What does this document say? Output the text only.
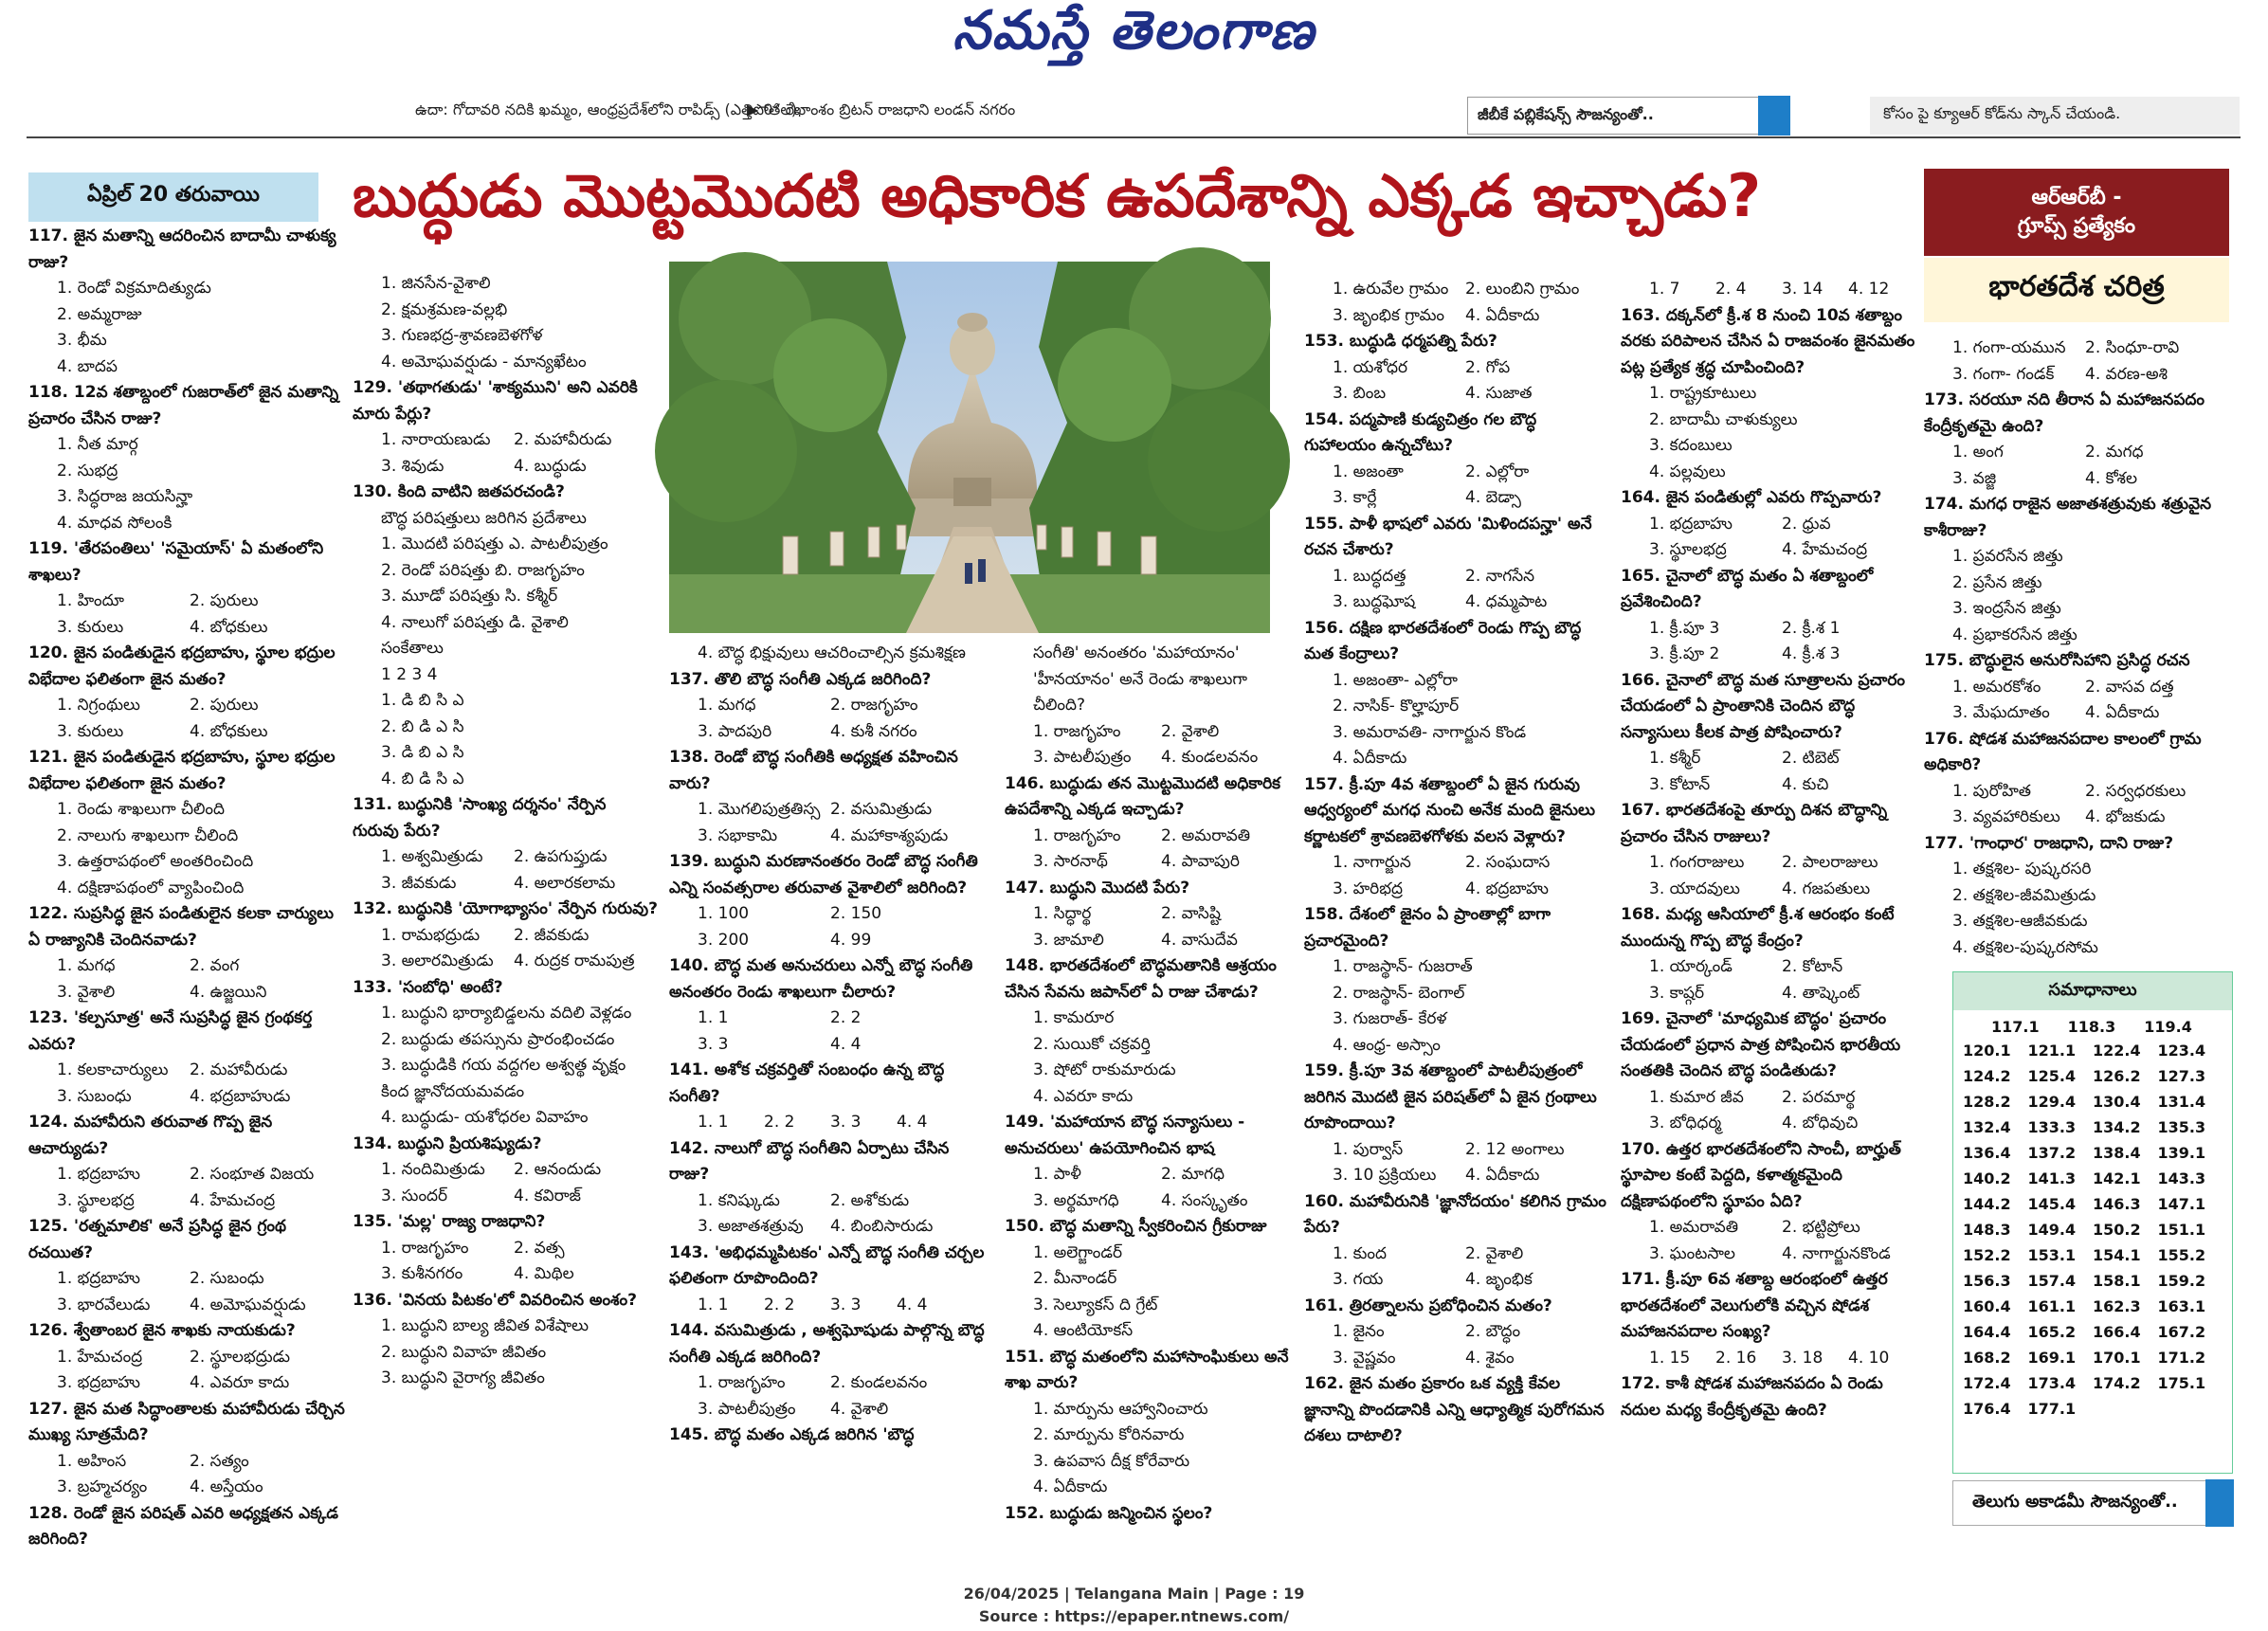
నమస్తే తెలంగాణ
ఉదా: గోదావరి నదికి ఖమ్మం, ఆంధ్రప్రదేశ్‌లోని రాపిడ్స్ (ఎత్తిపోతల)
▶ 0° రేఖాంశం బ్రిటన్ రాజధాని లండన్ నగరం	జీబీకే పబ్లికేషన్స్ సౌజన్యంతో..	కోసం పై క్యూఆర్ కోడ్‌ను స్కాన్ చేయండి.
ఏప్రిల్ 20 తరువాయి	బుద్ధుడు మొట్టమొదటి అధికారిక ఉపదేశాన్ని ఎక్కడ ఇచ్చాడు?	ఆర్ఆర్‌బీ -
గ్రూప్స్ ప్రత్యేకం
భారతదేశ చరిత్ర
117. జైన మతాన్ని ఆదరించిన బాదామీ చాళుక్య రాజు?
1. రెండో విక్రమాదిత్యుడు
2. అమ్మరాజు
3. భీమ
4. బాదప
118. 12వ శతాబ్దంలో గుజరాత్‌లో జైన మతాన్ని ప్రచారం చేసిన రాజు?
1. నీత మార్గ
2. సుభద్ర
3. సిద్ధరాజ జయసిన్హా
4. మాధవ సోలంకి
119. 'తేరపంతిలు' 'సమైయాస్' ఏ మతంలోని శాఖలు?
1. హిందూ	2. పురులు
3. కురులు	4. బోధకులు
120. జైన పండితుడైన భద్రబాహు, స్థూల భద్రుల విభేదాల ఫలితంగా జైన మతం?
1. నిగ్రంథులు	2. పురులు
3. కురులు	4. బోధకులు
121. జైన పండితుడైన భద్రబాహు, స్థూల భద్రుల విభేదాల ఫలితంగా జైన మతం?
1. రెండు శాఖలుగా చీలింది
2. నాలుగు శాఖలుగా చీలింది
3. ఉత్తరాపథంలో అంతరించింది
4. దక్షిణాపథంలో వ్యాపించింది
122. సుప్రసిద్ధ జైన పండితులైన కలకా చార్యులు ఏ రాజ్యానికి చెందినవాడు?
1. మగధ	2. వంగ
3. వైశాలి	4. ఉజ్జయిని
123. 'కల్పసూత్ర' అనే సుప్రసిద్ధ జైన గ్రంథకర్త ఎవరు?
1. కలకాచార్యులు	2. మహావీరుడు
3. సుబంధు	4. భద్రబాహుడు
124. మహావీరుని తరువాత గొప్ప జైన ఆచార్యుడు?
1. భద్రబాహు	2. సంభూత విజయ
3. స్థూలభద్ర	4. హేమచంద్ర
125. 'రత్నమాలిక' అనే ప్రసిద్ధ జైన గ్రంథ రచయిత?
1. భద్రబాహు	2. సుబంధు
3. భారవేలుడు	4. అమోఘవర్షుడు
126. శ్వేతాంబర జైన శాఖకు నాయకుడు?
1. హేమచంద్ర	2. స్థూలభద్రుడు
3. భద్రబాహు	4. ఎవరూ కాదు
127. జైన మత సిద్ధాంతాలకు మహావీరుడు చేర్చిన ముఖ్య సూత్రమేది?
1. అహింస	2. సత్యం
3. బ్రహ్మచర్యం	4. అస్తేయం
128. రెండో జైన పరిషత్ ఎవరి అధ్యక్షతన ఎక్కడ జరిగింది?
1. జినసేన-వైశాలి
2. క్షమశ్రమణ-వల్లభి
3. గుణభద్ర-శ్రావణబెళగోళ
4. అమోఘవర్షుడు - మాన్యఖేటం
129. 'తథాగతుడు' 'శాక్యముని' అని ఎవరికి మారు పేర్లు?
1. నారాయణుడు	2. మహావీరుడు
3. శివుడు	4. బుద్ధుడు
130. కింది వాటిని జతపరచండి?
బౌద్ధ పరిషత్తులు జరిగిన ప్రదేశాలు
1. మొదటి పరిషత్తు ఎ. పాటలీపుత్రం
2. రెండో పరిషత్తు బి. రాజగృహం
3. మూడో పరిషత్తు సి. కశ్మీర్
4. నాలుగో పరిషత్తు డి. వైశాలి
సంకేతాలు
1 2 3 4
1. డి బి సి ఎ
2. బి డి ఎ సి
3. డి బి ఎ సి
4. బి డి సి ఎ
131. బుద్ధునికి 'సాంఖ్య దర్శనం' నేర్పిన గురువు పేరు?
1. అశ్వమిత్రుడు	2. ఉపగుప్తుడు
3. జీవకుడు	4. అలారకలామ
132. బుద్ధునికి 'యోగాభ్యాసం' నేర్పిన గురువు?
1. రామభద్రుడు	2. జీవకుడు
3. అలారమిత్రుడు	4. రుద్రక రామపుత్ర
133. 'సంబోధి' అంటే?
1. బుద్ధుని భార్యాబిడ్డలను వదిలి వెళ్లడం
2. బుద్ధుడు తపస్సును ప్రారంభించడం
3. బుద్ధుడికి గయ వద్దగల అశ్వత్థ వృక్షం కింద జ్ఞానోదయమవడం
4. బుద్ధుడు- యశోధరల వివాహం
134. బుద్ధుని ప్రియశిష్యుడు?
1. నందిమిత్రుడు	2. ఆనందుడు
3. సుందర్	4. కవిరాజ్
135. 'మల్ల' రాజ్య రాజధాని?
1. రాజగృహం	2. వత్స
3. కుశీనగరం	4. మిథిల
136. 'వినయ పిటకం'లో వివరించిన అంశం?
1. బుద్ధుని బాల్య జీవిత విశేషాలు
2. బుద్ధుని వివాహ జీవితం
3. బుద్ధుని వైరాగ్య జీవితం
4. బౌద్ధ భిక్షువులు ఆచరించాల్సిన క్రమశిక్షణ
137. తొలి బౌద్ధ సంగీతి ఎక్కడ జరిగింది?
1. మగధ	2. రాజగృహం
3. పాదపురి	4. కుశీ నగరం
138. రెండో బౌద్ధ సంగీతికి అధ్యక్షత వహించిన వారు?
1. మొగలిపుత్రతిస్స 2. వసుమిత్రుడు
3. సభాకామి	4. మహాకాశ్యపుడు
139. బుద్ధుని మరణానంతరం రెండో బౌద్ధ సంగీతి ఎన్ని సంవత్సరాల తరువాత వైశాలిలో జరిగింది?
1. 100	2. 150
3. 200	4. 99
140. బౌద్ధ మత అనుచరులు ఎన్నో బౌద్ధ సంగీతి అనంతరం రెండు శాఖలుగా చీలారు?
1. 1	2. 2
3. 3	4. 4
141. అశోక చక్రవర్తితో సంబంధం ఉన్న బౌద్ధ సంగీతి?
1. 1	2. 2	3. 3	4. 4
142. నాలుగో బౌద్ధ సంగీతిని ఏర్పాటు చేసిన రాజు?
1. కనిష్కుడు	2. అశోకుడు
3. అజాతశత్రువు	4. బింబిసారుడు
143. 'అభిధమ్మపిటకం' ఎన్నో బౌద్ధ సంగీతి చర్చల ఫలితంగా రూపొందింది?
1. 1	2. 2	3. 3	4. 4
144. వసుమిత్రుడు , అశ్వఘోషుడు పాల్గొన్న బౌద్ధ సంగీతి ఎక్కడ జరిగింది?
1. రాజగృహం	2. కుండలవనం
3. పాటలీపుత్రం	4. వైశాలి
145. బౌద్ధ మతం ఎక్కడ జరిగిన 'బౌద్ధ
సంగీతి' అనంతరం 'మహాయానం' 'హీనయానం' అనే రెండు శాఖలుగా చీలింది?
1. రాజగృహం	2. వైశాలి
3. పాటలీపుత్రం	4. కుండలవనం
146. బుద్ధుడు తన మొట్టమొదటి అధికారిక ఉపదేశాన్ని ఎక్కడ ఇచ్చాడు?
1. రాజగృహం	2. అమరావతి
3. సారనాథ్	4. పావాపురి
147. బుద్ధుని మొదటి పేరు?
1. సిద్ధార్థ	2. వాసిష్టి
3. జామాలి	4. వాసుదేవ
148. భారతదేశంలో బౌద్ధమతానికి ఆశ్రయం చేసిన సేవను జపాన్‌లో ఏ రాజు చేశాడు?
1. కామరూర
2. సుయికో చక్రవర్తి
3. షోటో రాకుమారుడు
4. ఎవరూ కాదు
149. 'మహాయాన బౌద్ధ సన్యాసులు - అనుచరులు' ఉపయోగించిన భాష
1. పాళీ	2. మాగధి
3. అర్థమాగధి	4. సంస్కృతం
150. బౌద్ధ మతాన్ని స్వీకరించిన గ్రీకురాజు
1. అలెగ్జాండర్
2. మీనాండర్
3. సెల్యూకస్ ది గ్రేట్
4. ఆంటియోకస్
151. బౌద్ధ మతంలోని మహాసాంఘికులు అనే శాఖ వారు?
1. మార్పును ఆహ్వానించారు
2. మార్పును కోరినవారు
3. ఉపవాస దీక్ష కోరేవారు
4. ఏదీకాదు
152. బుద్ధుడు జన్మించిన స్థలం?
1. ఉరువేల గ్రామం	2. లుంబిని గ్రామం
3. జృంభిక గ్రామం	4. ఏదీకాదు
153. బుద్ధుడి ధర్మపత్ని పేరు?
1. యశోధర	2. గోప
3. బింబ	4. సుజాత
154. పద్మపాణి కుడ్యచిత్రం గల బౌద్ధ గుహాలయం ఉన్నచోటు?
1. అజంతా	2. ఎల్లోరా
3. కార్లే	4. బెడ్సా
155. పాళీ భాషలో ఎవరు 'మిళిందపన్హా' అనే రచన చేశారు?
1. బుద్ధదత్త	2. నాగసేన
3. బుద్ధఘోష	4. ధమ్మపాట
156. దక్షిణ భారతదేశంలో రెండు గొప్ప బౌద్ధ మత కేంద్రాలు?
1. అజంతా- ఎల్లోరా
2. నాసిక్- కొల్హాపూర్
3. అమరావతి- నాగార్జున కొండ
4. ఏదీకాదు
157. క్రీ.పూ 4వ శతాబ్దంలో ఏ జైన గురువు ఆధ్వర్యంలో మగధ నుంచి అనేక మంది జైనులు కర్ణాటకలో శ్రావణబెళగోళకు వలస వెళ్లారు?
1. నాగార్జున	2. సంఘదాస
3. హరిభద్ర	4. భద్రబాహు
158. దేశంలో జైనం ఏ ప్రాంతాల్లో బాగా ప్రచారమైంది?
1. రాజస్థాన్- గుజరాత్
2. రాజస్థాన్- బెంగాల్
3. గుజరాత్- కేరళ
4. ఆంధ్ర- అస్సాం
159. క్రీ.పూ 3వ శతాబ్దంలో పాటలీపుత్రంలో జరిగిన మొదటి జైన పరిషత్‌లో ఏ జైన గ్రంథాలు రూపొందాయి?
1. పుర్వాస్	2. 12 అంగాలు
3. 10 ప్రక్రియలు	4. ఏదీకాదు
160. మహావీరునికి 'జ్ఞానోదయం' కలిగిన గ్రామం పేరు?
1. కుంద	2. వైశాలి
3. గయ	4. జృంభిక
161. త్రిరత్నాలను ప్రబోధించిన మతం?
1. జైనం	2. బౌద్ధం
3. వైష్ణవం	4. శైవం
162. జైన మతం ప్రకారం ఒక వ్యక్తి కేవల జ్ఞానాన్ని పొందడానికి ఎన్ని ఆధ్యాత్మిక పురోగమన దశలు దాటాలి?
1. 7	2. 4	3. 14	4. 12
163. దక్కన్‌లో క్రీ.శ 8 నుంచి 10వ శతాబ్దం వరకు పరిపాలన చేసిన ఏ రాజవంశం జైనమతం పట్ల ప్రత్యేక శ్రద్ధ చూపించింది?
1. రాష్ట్రకూటులు
2. బాదామీ చాళుక్యులు
3. కదంబులు
4. పల్లవులు
164. జైన పండితుల్లో ఎవరు గొప్పవారు?
1. భద్రబాహు	2. ధ్రువ
3. స్థూలభద్ర	4. హేమచంద్ర
165. చైనాలో బౌద్ధ మతం ఏ శతాబ్దంలో ప్రవేశించింది?
1. క్రీ.పూ 3	2. క్రీ.శ 1
3. క్రీ.పూ 2	4. క్రీ.శ 3
166. చైనాలో బౌద్ధ మత సూత్రాలను ప్రచారం చేయడంలో ఏ ప్రాంతానికి చెందిన బౌద్ధ సన్యాసులు కీలక పాత్ర పోషించారు?
1. కశ్మీర్	2. టిబెట్
3. కోటాన్	4. కుచి
167. భారతదేశంపై తూర్పు దిశన బౌద్ధాన్ని ప్రచారం చేసిన రాజులు?
1. గంగరాజులు	2. పాలరాజులు
3. యాదవులు	4. గజపతులు
168. మధ్య ఆసియాలో క్రీ.శ ఆరంభం కంటే ముందున్న గొప్ప బౌద్ధ కేంద్రం?
1. యార్కండ్	2. కోటాన్
3. కాష్గర్	4. తాష్కెంట్
169. చైనాలో 'మాధ్యమిక బౌద్ధం' ప్రచారం చేయడంలో ప్రధాన పాత్ర పోషించిన భారతీయ సంతతికి చెందిన బౌద్ధ పండితుడు?
1. కుమార జీవ	2. పరమార్థ
3. బోధిధర్మ	4. బోధివుచి
170. ఉత్తర భారతదేశంలోని సాంచీ, బార్హుత్ స్థూపాల కంటే పెద్దది, కళాత్మకమైంది దక్షిణాపథంలోని స్థూపం ఏది?
1. అమరావతి	2. భట్టిప్రోలు
3. ఘంటసాల	4. నాగార్జునకొండ
171. క్రీ.పూ 6వ శతాబ్ద ఆరంభంలో ఉత్తర భారతదేశంలో వెలుగులోకి వచ్చిన షోడశ మహాజనపదాల సంఖ్య?
1. 15	2. 16	3. 18	4. 10
172. కాశీ షోడశ మహాజనపదం ఏ రెండు నదుల మధ్య కేంద్రీకృతమై ఉంది?
1. గంగా-యమున	2. సింధూ-రావి
3. గంగా- గండక్	4. వరణ-అశి
173. సరయూ నది తీరాన ఏ మహాజనపదం కేంద్రీకృతమై ఉంది?
1. అంగ	2. మగధ
3. వజ్జి	4. కోశల
174. మగధ రాజైన అజాతశత్రువుకు శత్రువైన కాశీరాజు?
1. ప్రవరసేన జిత్తు
2. ప్రసేన జిత్తు
3. ఇంద్రసేన జిత్తు
4. ప్రభాకరసేన జిత్తు
175. బౌద్ధులైన అనురోసిహాని ప్రసిద్ధ రచన
1. అమరకోశం	2. వాసవ దత్త
3. మేఘదూతం	4. ఏదీకాదు
176. షోడశ మహాజనపదాల కాలంలో గ్రామ అధికారి?
1. పురోహిత	2. సర్వధరకులు
3. వ్యవహారికులు	4. భోజకుడు
177. 'గాంధార' రాజధాని, దాని రాజు?
1. తక్షశిల- పుష్కరసరి
2. తక్షశిల-జీవమిత్రుడు
3. తక్షశిల-ఆజీవకుడు
4. తక్షశిల-పుష్కరసోమ
సమాధానాలు
117.1 118.3 119.4
120.1	121.1	122.4	123.4
124.2	125.4	126.2	127.3
128.2	129.4	130.4	131.4
132.4	133.3	134.2	135.3
136.4	137.2	138.4	139.1
140.2	141.3	142.1	143.3
144.2	145.4	146.3	147.1
148.3	149.4	150.2	151.1
152.2	153.1	154.1	155.2
156.3	157.4	158.1	159.2
160.4	161.1	162.3	163.1
164.4	165.2	166.4	167.2
168.2	169.1	170.1	171.2
172.4	173.4	174.2	175.1
176.4	177.1
తెలుగు అకాడమీ సౌజన్యంతో..
26/04/2025 | Telangana Main | Page : 19
Source : https://epaper.ntnews.com/
